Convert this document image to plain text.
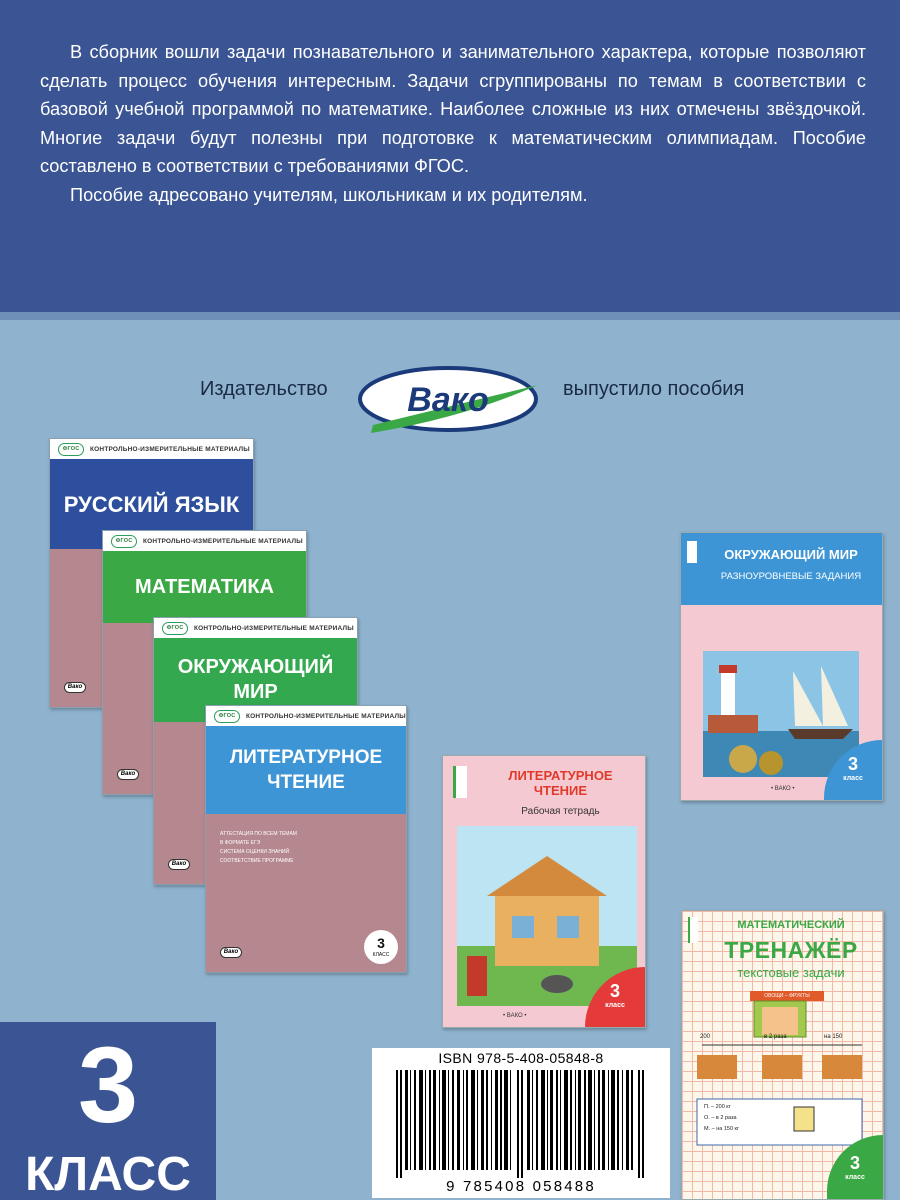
В сборник вошли задачи познавательного и занимательного характера, которые позволяют сделать процесс обучения интересным. Задачи сгруппированы по темам в соответствии с базовой учебной программой по математике. Наиболее сложные из них отмечены звёздочкой. Многие задачи будут полезны при подготовке к математическим олимпиадам. Пособие составлено в соответствии с требованиями ФГОС.

Пособие адресовано учителям, школьникам и их родителям.

Издательство Вако	выпустило пособия
ФГОС	КОНТРОЛЬНО-ИЗМЕРИТЕЛЬНЫЕ МАТЕРИАЛЫ
РУССКИЙ ЯЗЫК
Вако
ФГОС	КОНТРОЛЬНО-ИЗМЕРИТЕЛЬНЫЕ МАТЕРИАЛЫ
МАТЕМАТИКА
Вако
ФГОС	КОНТРОЛЬНО-ИЗМЕРИТЕЛЬНЫЕ МАТЕРИАЛЫ
ОКРУЖАЮЩИЙ МИР
Вако
ФГОС	КОНТРОЛЬНО-ИЗМЕРИТЕЛЬНЫЕ МАТЕРИАЛЫ
ЛИТЕРАТУРНОЕ ЧТЕНИЕ
АТТЕСТАЦИЯ ПО ВСЕМ ТЕМАМ
В ФОРМАТЕ ЕГЭ
СИСТЕМА ОЦЕНКИ ЗНАНИЙ
СООТВЕТСТВИЕ ПРОГРАММЕ
Вако
3
КЛАСС
ЛИТЕРАТУРНОЕ ЧТЕНИЕ
Рабочая тетрадь
• ВАКО •
3
класс
ОКРУЖАЮЩИЙ МИР
РАЗНОУРОВНЕВЫЕ ЗАДАНИЯ
• ВАКО •
3
класс
МАТЕМАТИЧЕСКИЙ
ТРЕНАЖЁР
текстовые задачи
ОВОЩИ – ФРУКТЫ
200	в 2 раза	на 150
П. – 200 кг
О. – в 2 раза
М. – на 150 кг
3
класс
3
КЛАСС
ISBN 978-5-408-05848-8
9 785408 058488
